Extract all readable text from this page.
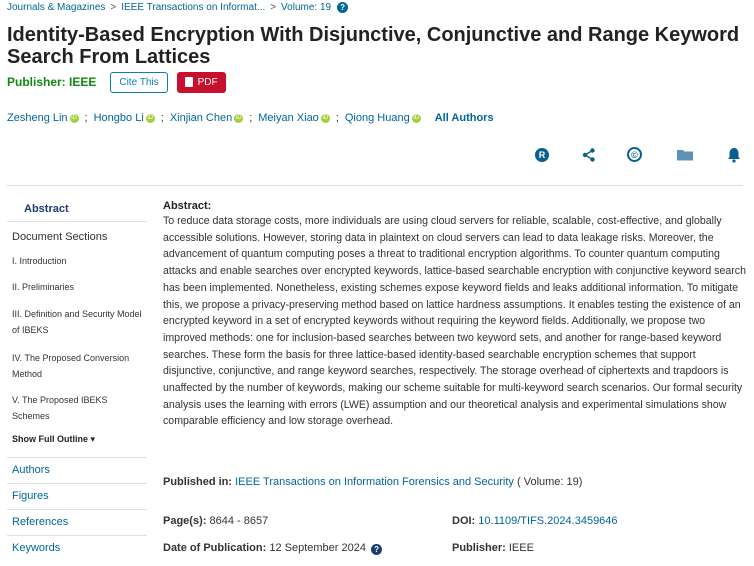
Journals & Magazines > IEEE Transactions on Informat... > Volume: 19	?
Identity-Based Encryption With Disjunctive, Conjunctive and Range Keyword Search From Lattices
Publisher: IEEE	Cite This	PDF
Zesheng Lin iD ; Hongbo Li iD ; Xinjian Chen iD ; Meiyan Xiao iD ; Qiong Huang iD All Authors
R	©
Abstract
Document Sections
I. Introduction
II. Preliminaries
III. Definition and Security Model of IBEKS
IV. The Proposed Conversion Method
V. The Proposed IBEKS Schemes
Show Full Outline ▾
Authors
Figures
References
Keywords
Abstract:

To reduce data storage costs, more individuals are using cloud servers for reliable, scalable, cost-effective, and globally accessible solutions. However, storing data in plaintext on cloud servers can lead to data leakage risks. Moreover, the advancement of quantum computing poses a threat to traditional encryption algorithms. To counter quantum computing attacks and enable searches over encrypted keywords, lattice-based searchable encryption with conjunctive keyword search has been implemented. Nonetheless, existing schemes expose keyword fields and leaks additional information. To mitigate this, we propose a privacy-preserving method based on lattice hardness assumptions. It enables testing the existence of an encrypted keyword in a set of encrypted keywords without requiring the keyword fields. Additionally, we propose two improved methods: one for inclusion-based searches between two keyword sets, and another for range-based keyword searches. These form the basis for three lattice-based identity-based searchable encryption schemes that support disjunctive, conjunctive, and range keyword searches, respectively. The storage overhead of ciphertexts and trapdoors is unaffected by the number of keywords, making our scheme suitable for multi-keyword search scenarios. Our formal security analysis uses the learning with errors (LWE) assumption and our theoretical analysis and experimental simulations show comparable efficiency and low storage overhead.

Published in: IEEE Transactions on Information Forensics and Security ( Volume: 19)
Page(s): 8644 - 8657	DOI: 10.1109/TIFS.2024.3459646
Date of Publication: 12 September 2024 ?	Publisher: IEEE
